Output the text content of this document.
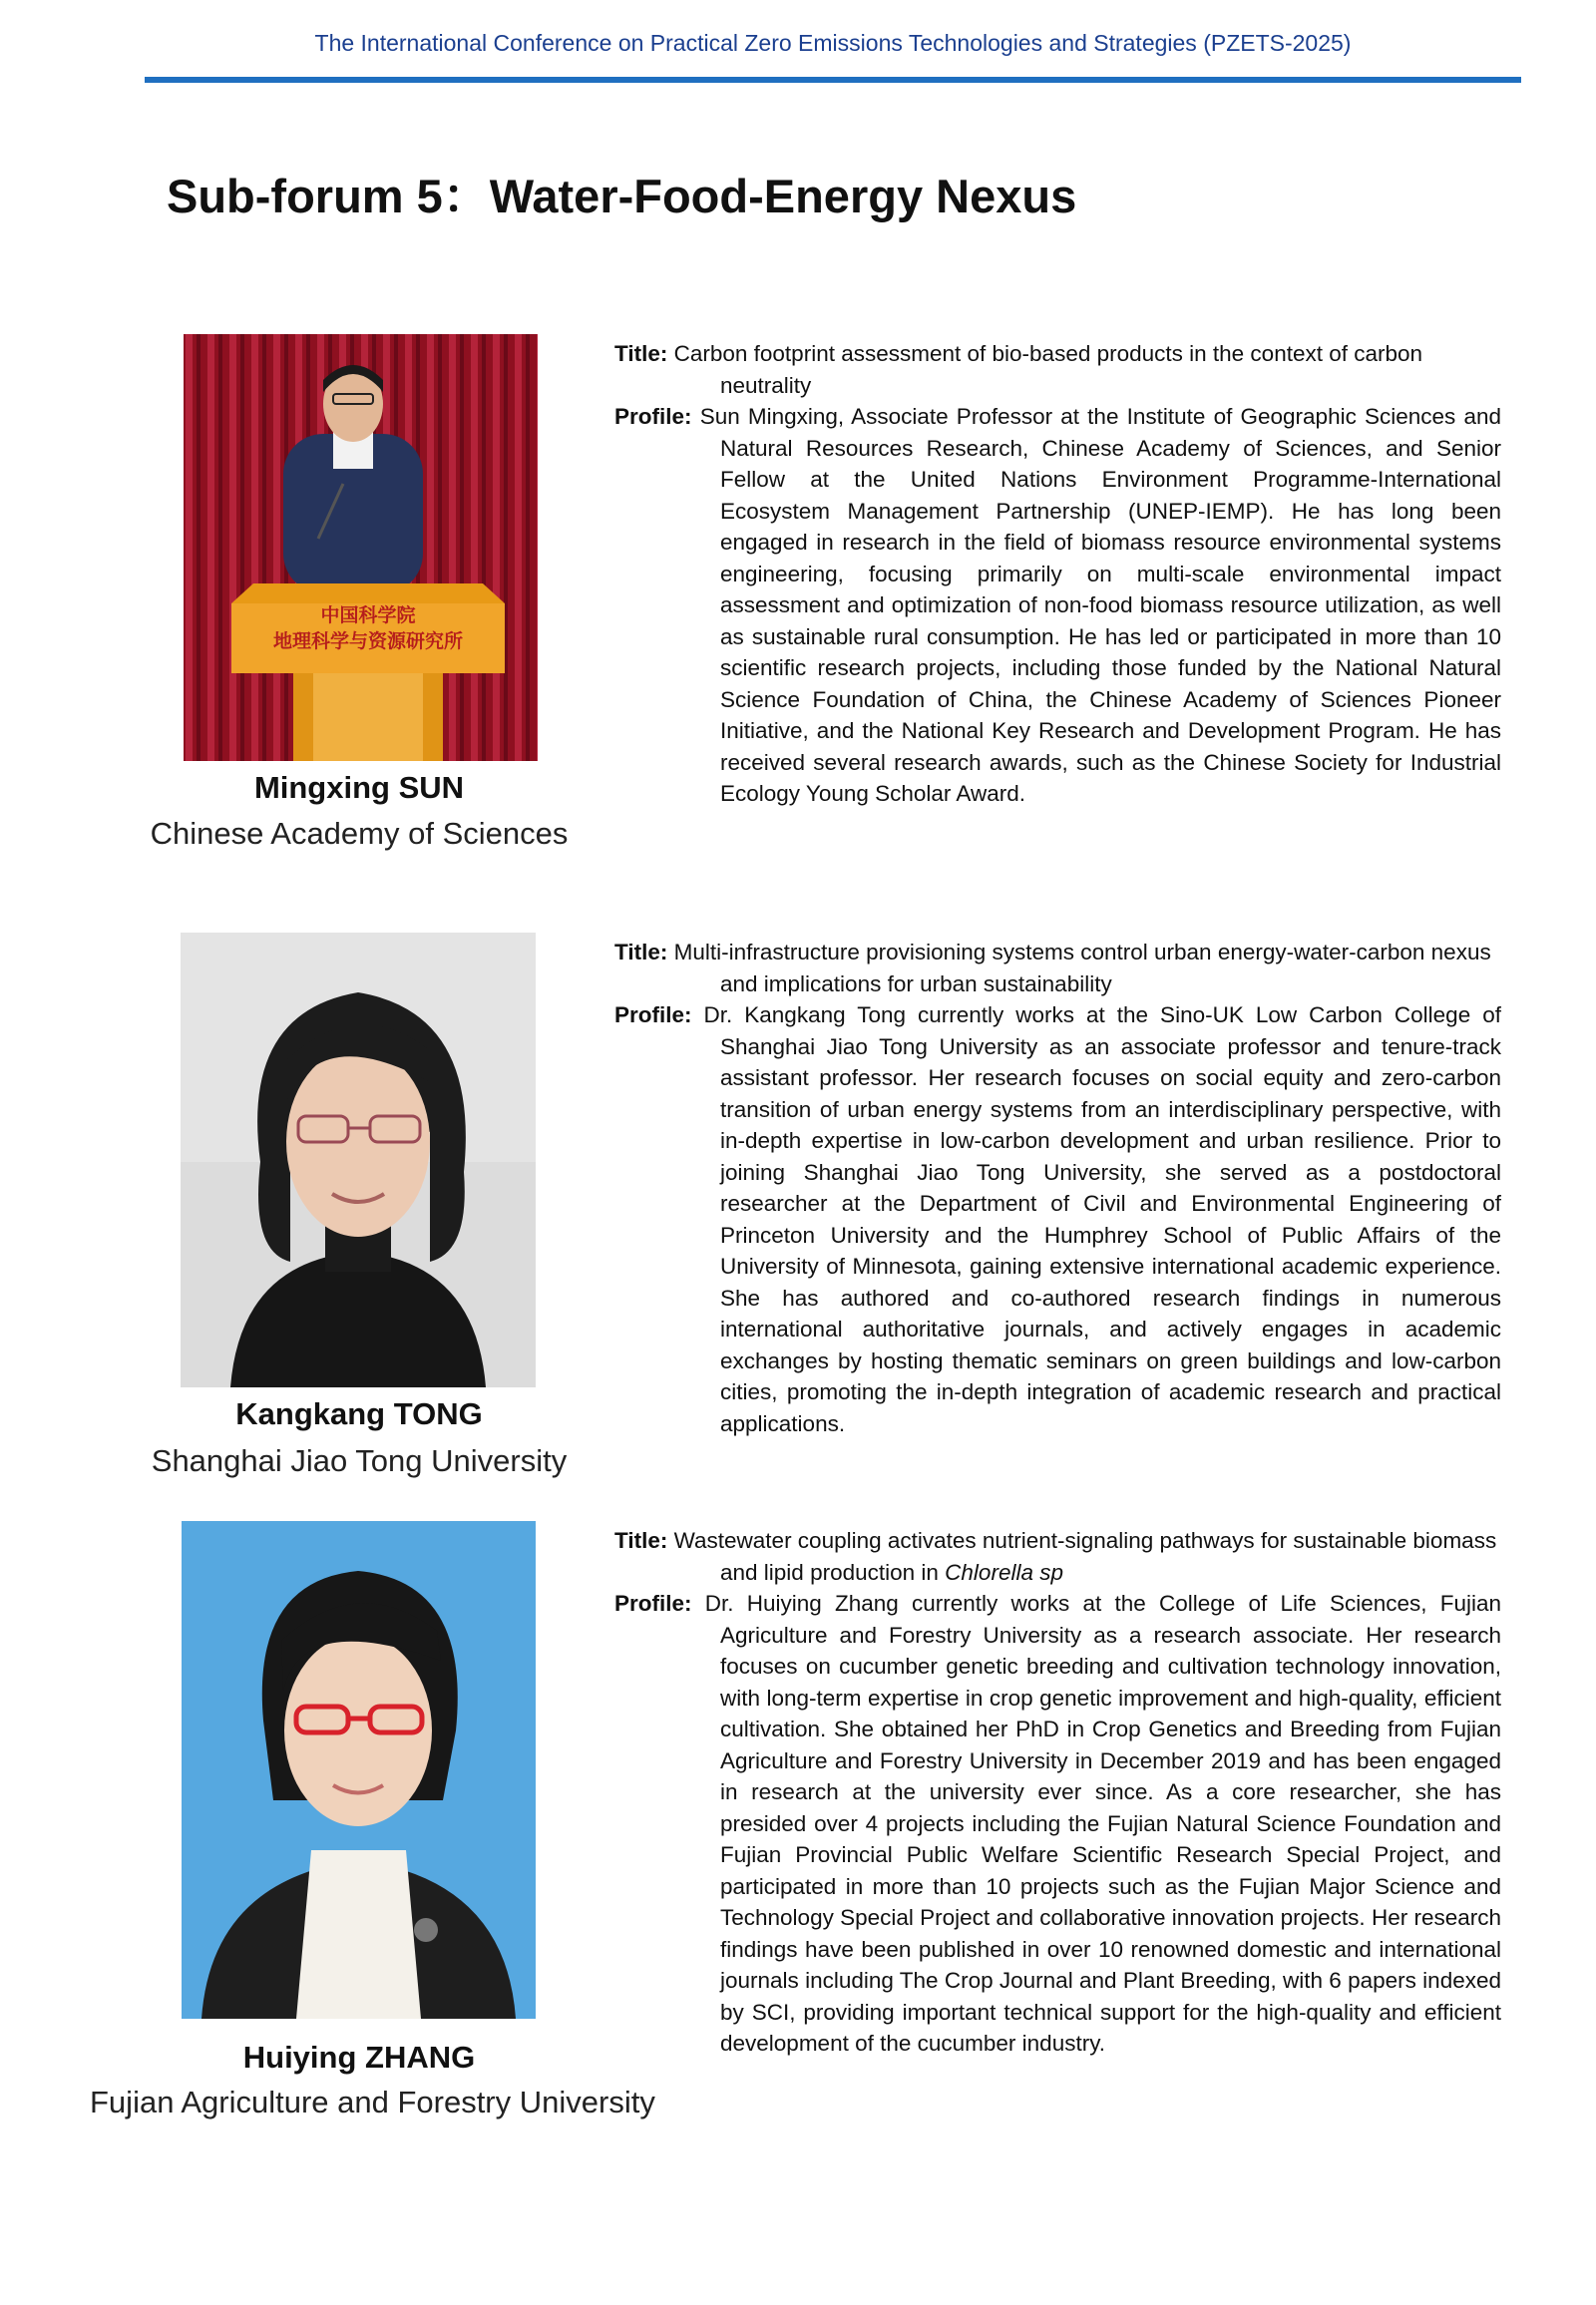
The International Conference on Practical Zero Emissions Technologies and Strategies (PZETS-2025)
Sub-forum 5：Water-Food-Energy Nexus
中国科学院
地理科学与资源研究所
Mingxing SUN
Chinese Academy of Sciences

Title: Carbon footprint assessment of bio-based products in the context of carbon neutrality

Profile: Sun Mingxing, Associate Professor at the Institute of Geographic Sciences and Natural Resources Research, Chinese Academy of Sciences, and Senior Fellow at the United Nations Environment Programme-International Ecosystem Management Partnership (UNEP-IEMP). He has long been engaged in research in the field of biomass resource environmental systems engineering, focusing primarily on multi-scale environmental impact assessment and optimization of non-food biomass resource utilization, as well as sustainable rural consumption. He has led or participated in more than 10 scientific research projects, including those funded by the National Natural Science Foundation of China, the Chinese Academy of Sciences Pioneer Initiative, and the National Key Research and Development Program. He has received several research awards, such as the Chinese Society for Industrial Ecology Young Scholar Award.

Kangkang TONG
Shanghai Jiao Tong University

Title: Multi-infrastructure provisioning systems control urban energy-water-carbon nexus and implications for urban sustainability

Profile: Dr. Kangkang Tong currently works at the Sino-UK Low Carbon College of Shanghai Jiao Tong University as an associate professor and tenure-track assistant professor. Her research focuses on social equity and zero-carbon transition of urban energy systems from an interdisciplinary perspective, with in-depth expertise in low-carbon development and urban resilience. Prior to joining Shanghai Jiao Tong University, she served as a postdoctoral researcher at the Department of Civil and Environmental Engineering of Princeton University and the Humphrey School of Public Affairs of the University of Minnesota, gaining extensive international academic experience. She has authored and co-authored research findings in numerous international authoritative journals, and actively engages in academic exchanges by hosting thematic seminars on green buildings and low-carbon cities, promoting the in-depth integration of academic research and practical applications.

Huiying ZHANG
Fujian Agriculture and Forestry University

Title: Wastewater coupling activates nutrient-signaling pathways for sustainable biomass and lipid production in Chlorella sp

Profile: Dr. Huiying Zhang currently works at the College of Life Sciences, Fujian Agriculture and Forestry University as a research associate. Her research focuses on cucumber genetic breeding and cultivation technology innovation, with long-term expertise in crop genetic improvement and high-quality, efficient cultivation. She obtained her PhD in Crop Genetics and Breeding from Fujian Agriculture and Forestry University in December 2019 and has been engaged in research at the university ever since. As a core researcher, she has presided over 4 projects including the Fujian Natural Science Foundation and Fujian Provincial Public Welfare Scientific Research Special Project, and participated in more than 10 projects such as the Fujian Major Science and Technology Special Project and collaborative innovation projects. Her research findings have been published in over 10 renowned domestic and international journals including The Crop Journal and Plant Breeding, with 6 papers indexed by SCI, providing important technical support for the high-quality and efficient development of the cucumber industry.
